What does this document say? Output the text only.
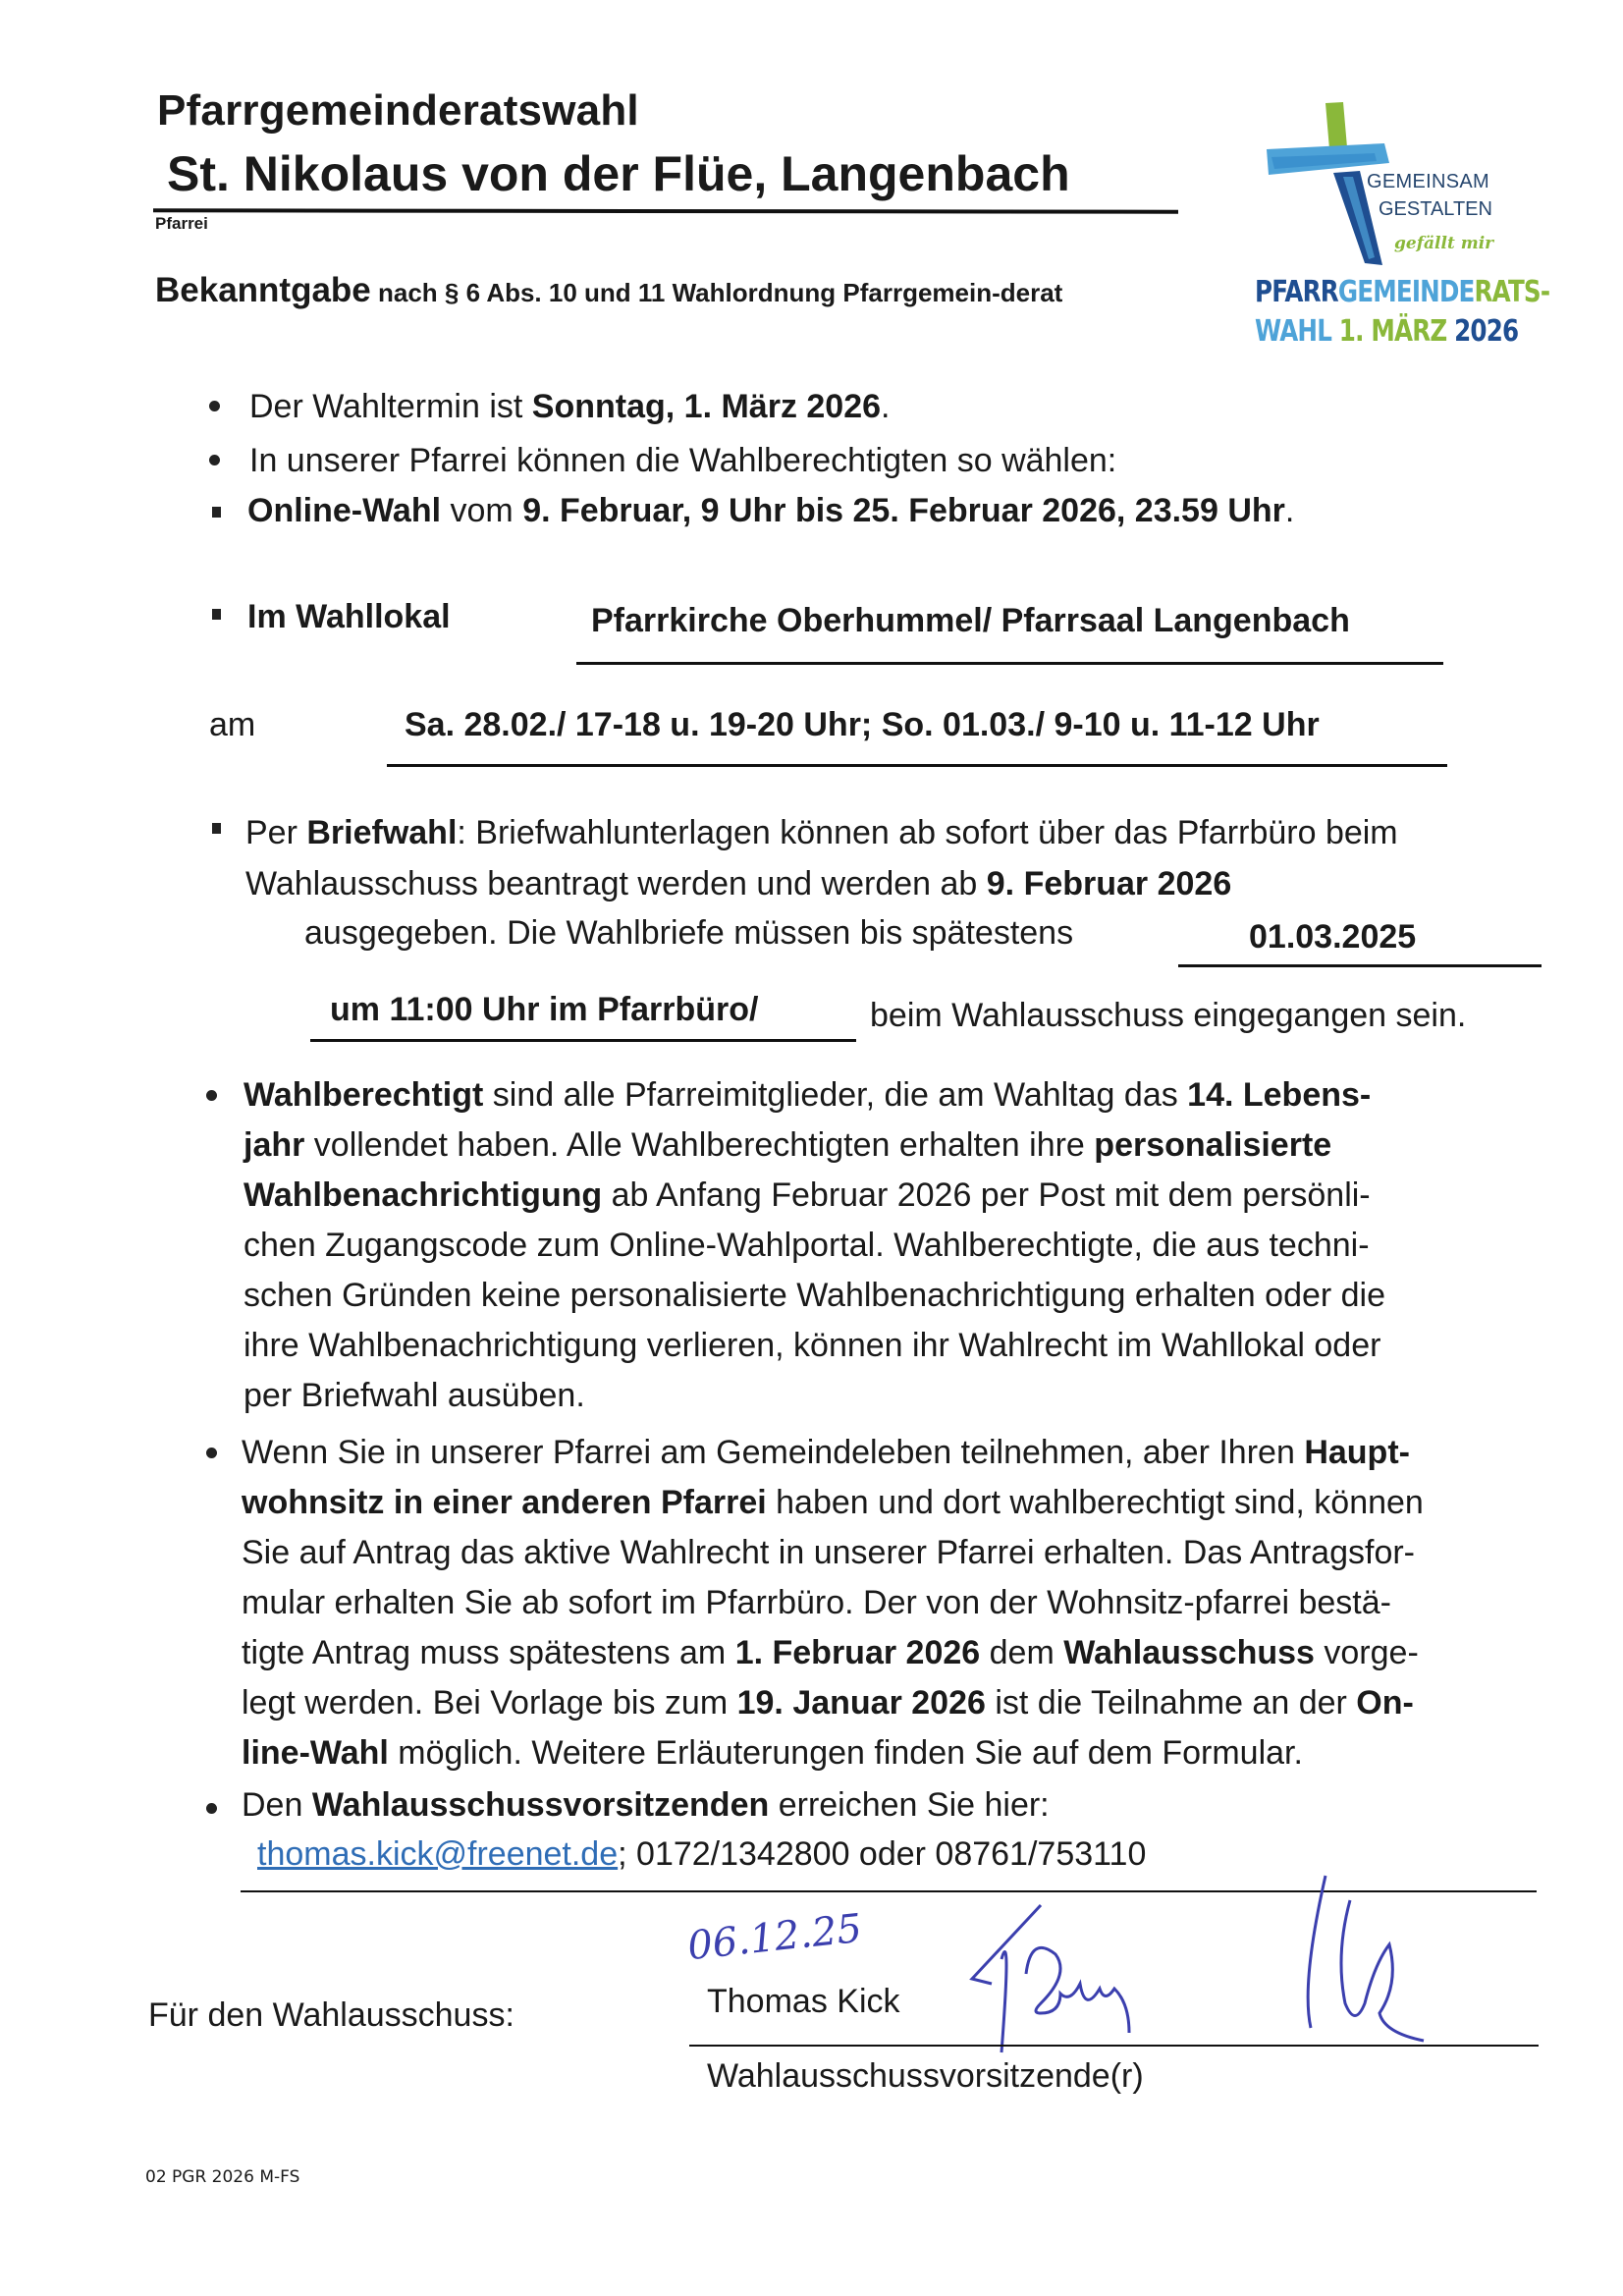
Pfarrgemeinderatswahl
St. Nikolaus von der Flüe, Langenbach
Pfarrei
Bekanntgabe nach § 6 Abs. 10 und 11 Wahlordnung Pfarrgemein-derat
GEMEINSAM
GESTALTEN
gefällt mir
PFARRGEMEINDERATS-
WAHL 1. MÄRZ 2026
Der Wahltermin ist Sonntag, 1. März 2026.
In unserer Pfarrei können die Wahlberechtigten so wählen:
Online-Wahl vom 9. Februar, 9 Uhr bis 25. Februar 2026, 23.59 Uhr.
Im Wahllokal	Pfarrkirche Oberhummel/ Pfarrsaal Langenbach
am	Sa. 28.02./ 17-18 u. 19-20 Uhr; So. 01.03./ 9-10 u. 11-12 Uhr
Per Briefwahl: Briefwahlunterlagen können ab sofort über das Pfarrbüro beim
Wahlausschuss beantragt werden und werden ab 9. Februar 2026
ausgegeben. Die Wahlbriefe müssen bis spätestens	01.03.2025
um 11:00 Uhr im Pfarrbüro/	beim Wahlausschuss eingegangen sein.
Wahlberechtigt sind alle Pfarreimitglieder, die am Wahltag das 14. Lebens-
jahr vollendet haben. Alle Wahlberechtigten erhalten ihre personalisierte
Wahlbenachrichtigung ab Anfang Februar 2026 per Post mit dem persönli-
chen Zugangscode zum Online-Wahlportal. Wahlberechtigte, die aus techni-
schen Gründen keine personalisierte Wahlbenachrichtigung erhalten oder die
ihre Wahlbenachrichtigung verlieren, können ihr Wahlrecht im Wahllokal oder
per Briefwahl ausüben.
Wenn Sie in unserer Pfarrei am Gemeindeleben teilnehmen, aber Ihren Haupt-
wohnsitz in einer anderen Pfarrei haben und dort wahlberechtigt sind, können
Sie auf Antrag das aktive Wahlrecht in unserer Pfarrei erhalten. Das Antragsfor-
mular erhalten Sie ab sofort im Pfarrbüro. Der von der Wohnsitz-pfarrei bestä-
tigte Antrag muss spätestens am 1. Februar 2026 dem Wahlausschuss vorge-
legt werden. Bei Vorlage bis zum 19. Januar 2026 ist die Teilnahme an der On-
line-Wahl möglich. Weitere Erläuterungen finden Sie auf dem Formular.
Den Wahlausschussvorsitzenden erreichen Sie hier:
thomas.kick@freenet.de; 0172/1342800 oder 08761/753110
Für den Wahlausschuss:
06.12.25
Thomas Kick
Wahlausschussvorsitzende(r)
02 PGR 2026 M-FS
